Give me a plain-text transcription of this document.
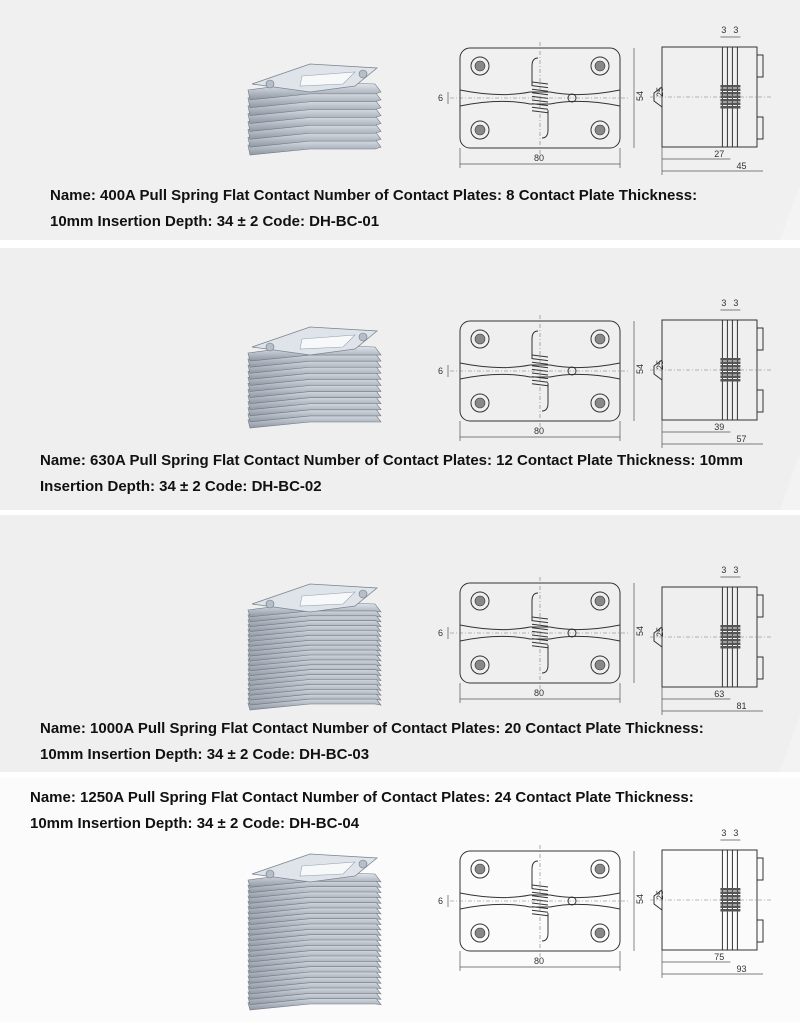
80
54
6
25
3 3
27
45
Name: 400A Pull Spring Flat Contact Number of Contact Plates: 8 Contact Plate Thickness:
10mm Insertion Depth: 34 ± 2 Code: DH-BC-01
80
54
6
25
3 3
39
57
Name: 630A Pull Spring Flat Contact Number of Contact Plates: 12 Contact Plate Thickness: 10mm
Insertion Depth: 34 ± 2 Code: DH-BC-02
80
54
6	25
3 3
63
81
Name: 1000A Pull Spring Flat Contact Number of Contact Plates: 20 Contact Plate Thickness:
10mm Insertion Depth: 34 ± 2 Code: DH-BC-03
Name: 1250A Pull Spring Flat Contact Number of Contact Plates: 24 Contact Plate Thickness:
10mm Insertion Depth: 34 ± 2 Code: DH-BC-04
80
54
6
25
3 3
75
93
